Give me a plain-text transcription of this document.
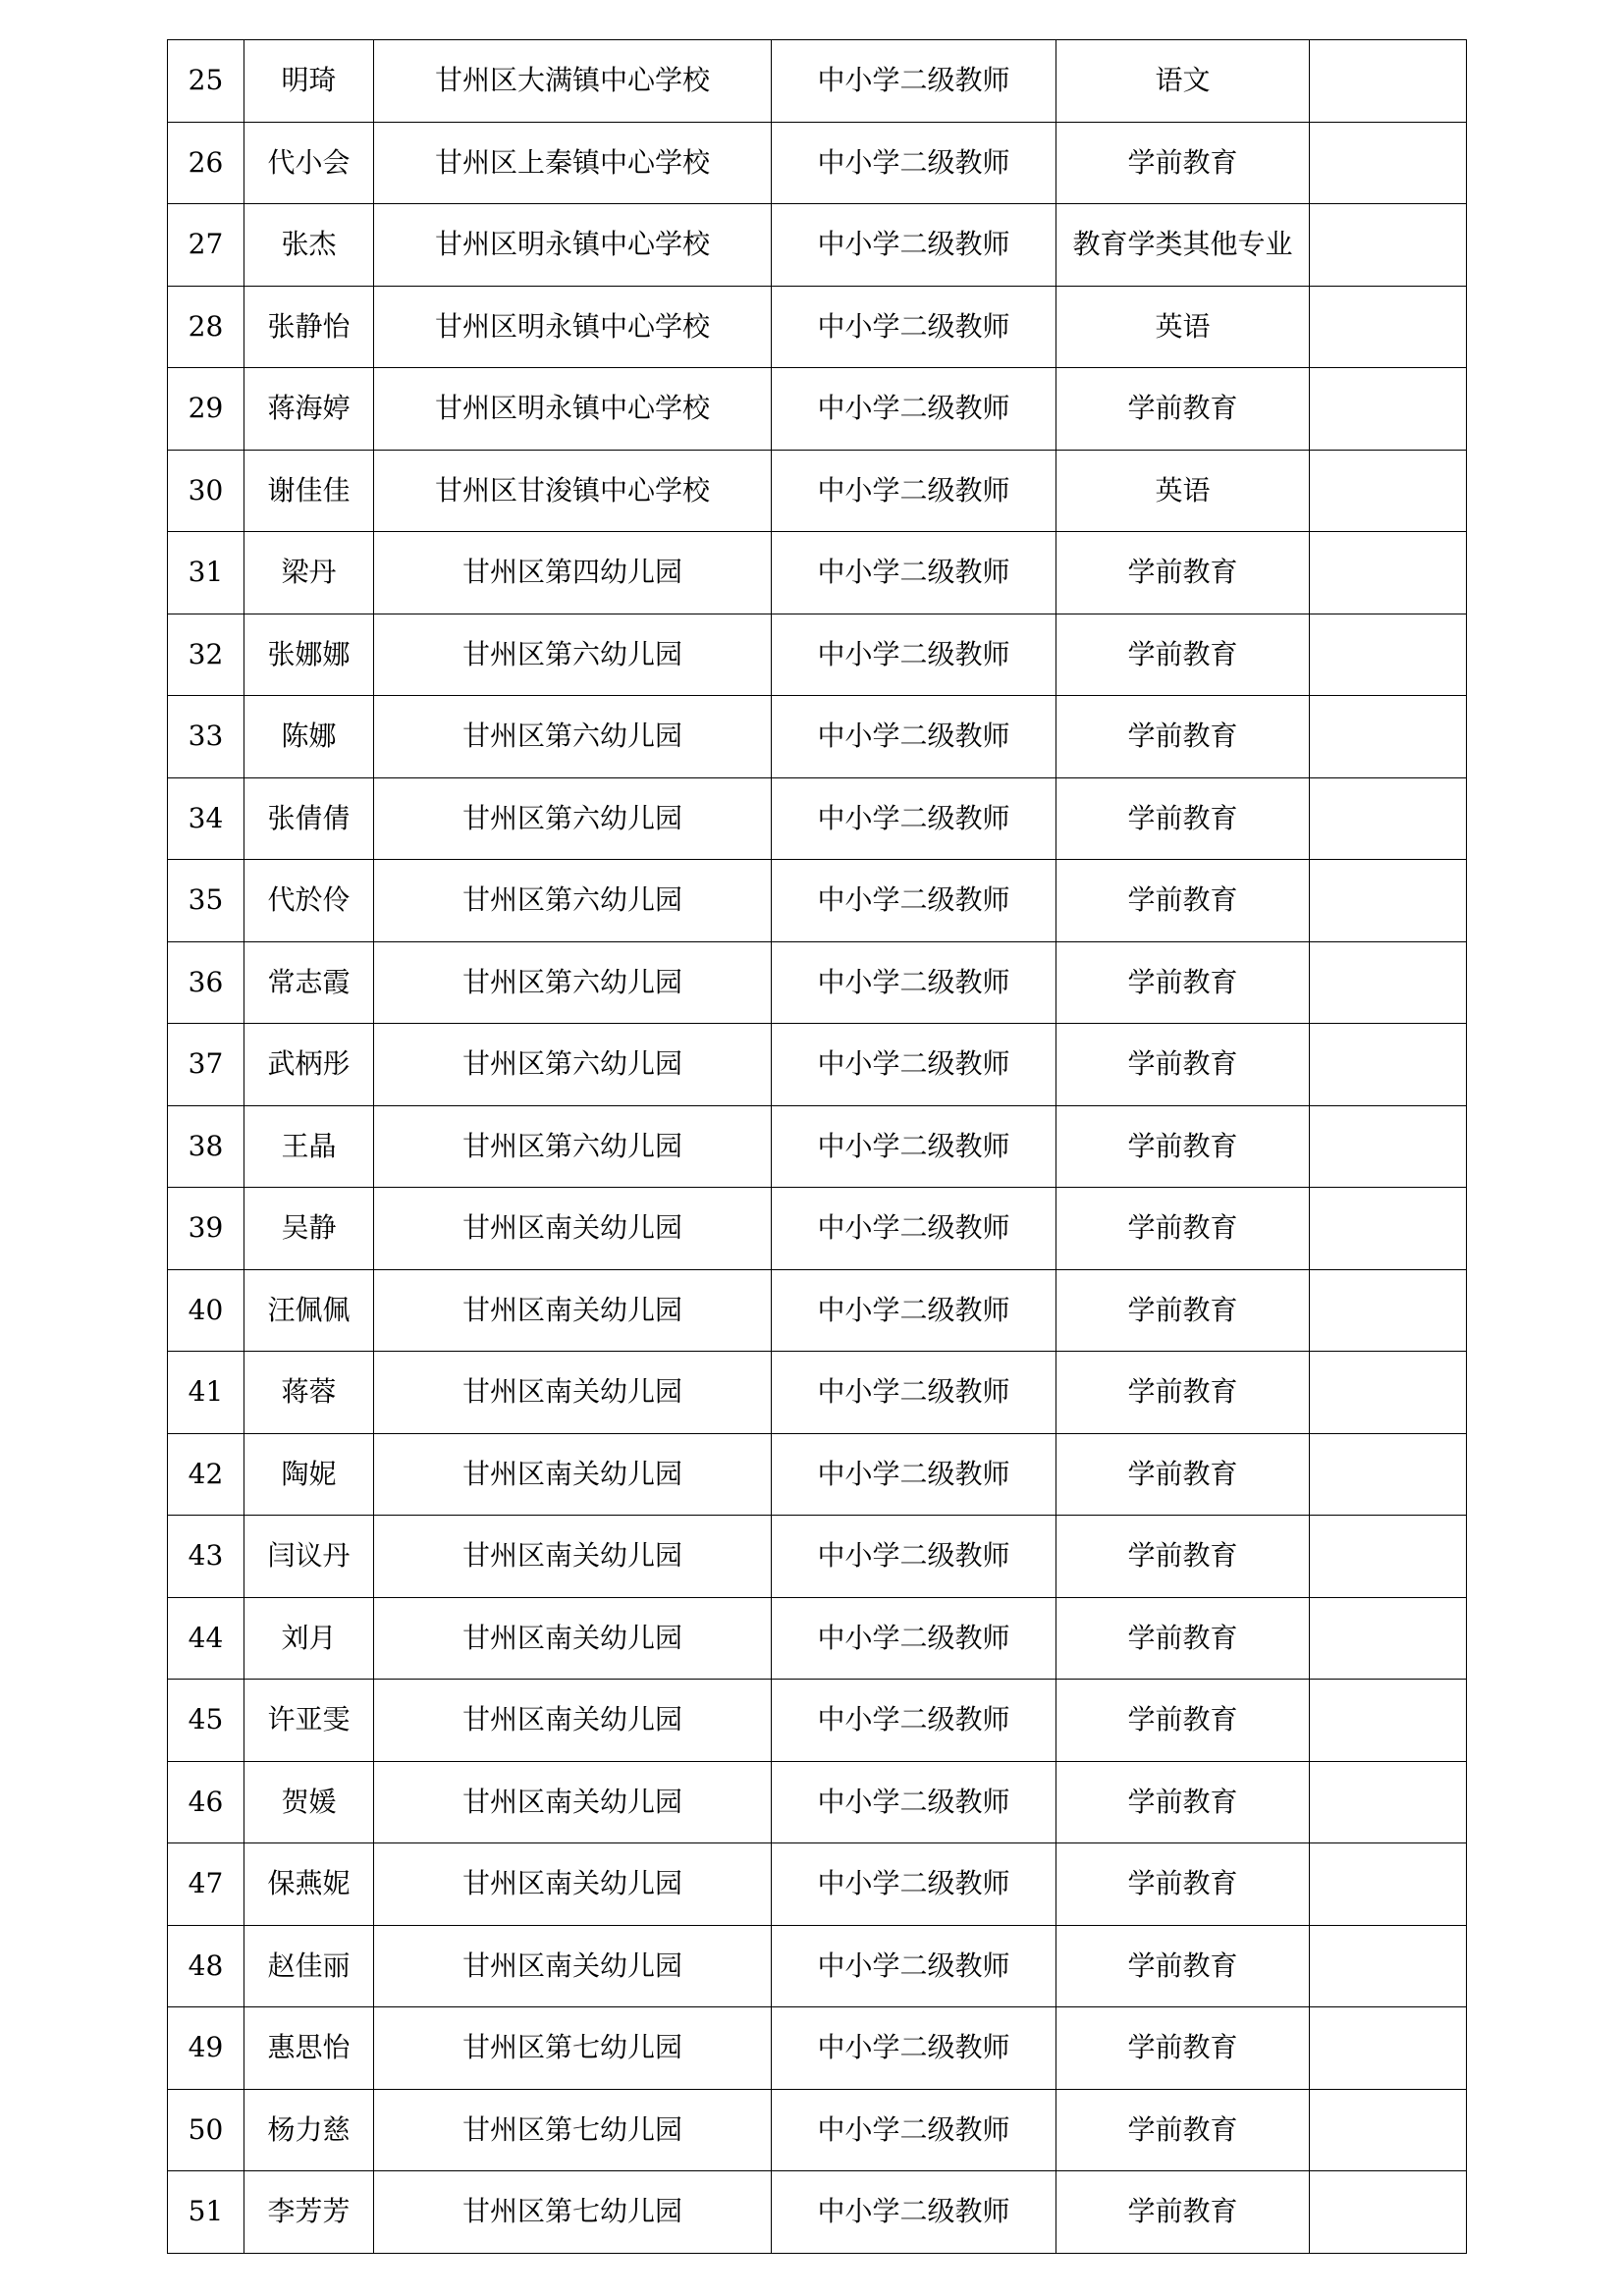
25	明琦	甘州区大满镇中心学校	中小学二级教师	语文	
26	代小会	甘州区上秦镇中心学校	中小学二级教师	学前教育	
27	张杰	甘州区明永镇中心学校	中小学二级教师	教育学类其他专业	
28	张静怡	甘州区明永镇中心学校	中小学二级教师	英语	
29	蒋海婷	甘州区明永镇中心学校	中小学二级教师	学前教育	
30	谢佳佳	甘州区甘浚镇中心学校	中小学二级教师	英语	
31	梁丹	甘州区第四幼儿园	中小学二级教师	学前教育	
32	张娜娜	甘州区第六幼儿园	中小学二级教师	学前教育	
33	陈娜	甘州区第六幼儿园	中小学二级教师	学前教育	
34	张倩倩	甘州区第六幼儿园	中小学二级教师	学前教育	
35	代於伶	甘州区第六幼儿园	中小学二级教师	学前教育	
36	常志霞	甘州区第六幼儿园	中小学二级教师	学前教育	
37	武柄彤	甘州区第六幼儿园	中小学二级教师	学前教育	
38	王晶	甘州区第六幼儿园	中小学二级教师	学前教育	
39	吴静	甘州区南关幼儿园	中小学二级教师	学前教育	
40	汪佩佩	甘州区南关幼儿园	中小学二级教师	学前教育	
41	蒋蓉	甘州区南关幼儿园	中小学二级教师	学前教育	
42	陶妮	甘州区南关幼儿园	中小学二级教师	学前教育	
43	闫议丹	甘州区南关幼儿园	中小学二级教师	学前教育	
44	刘月	甘州区南关幼儿园	中小学二级教师	学前教育	
45	许亚雯	甘州区南关幼儿园	中小学二级教师	学前教育	
46	贺媛	甘州区南关幼儿园	中小学二级教师	学前教育	
47	保燕妮	甘州区南关幼儿园	中小学二级教师	学前教育	
48	赵佳丽	甘州区南关幼儿园	中小学二级教师	学前教育	
49	惠思怡	甘州区第七幼儿园	中小学二级教师	学前教育	
50	杨力慈	甘州区第七幼儿园	中小学二级教师	学前教育	
51	李芳芳	甘州区第七幼儿园	中小学二级教师	学前教育	
